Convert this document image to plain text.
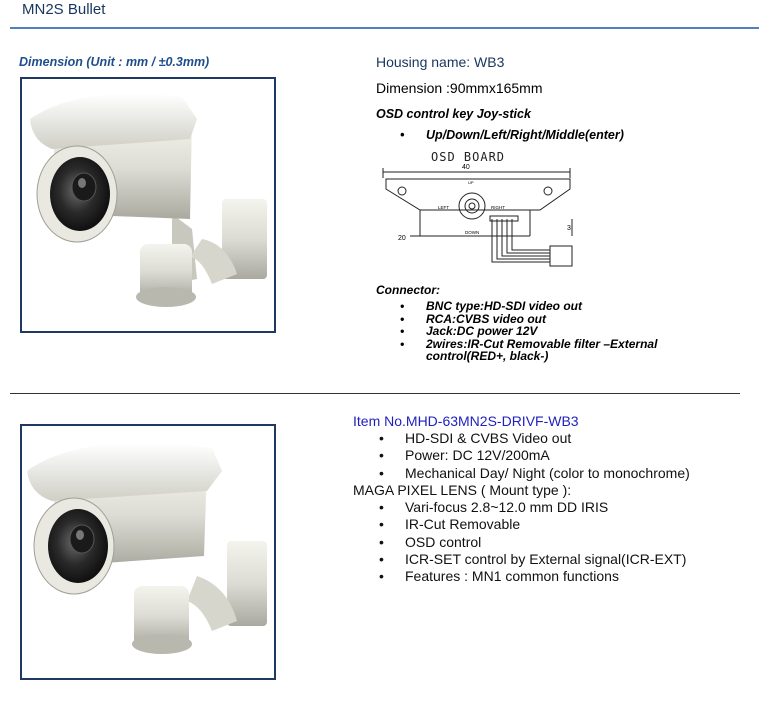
MN2S Bullet
Dimension (Unit : mm / ±0.3mm)	Housing name: WB3
Dimension :90mmx165mm
OSD control key Joy-stick
• Up/Down/Left/Right/Middle(enter)
OSD BOARD
40
UP
LEFT	RIGHT
DOWN
20
3
Connector:
•	BNC type:HD-SDI video out
•	RCA:CVBS video out
•	Jack:DC power 12V
•	2wires:IR-Cut Removable filter –External control(RED+, black-)
Item No.MHD-63MN2S-DRIVF-WB3
•	HD-SDI & CVBS Video out
•	Power: DC 12V/200mA
•	Mechanical Day/ Night (color to monochrome)
MAGA PIXEL LENS ( Mount type ):
•	Vari-focus 2.8~12.0 mm DD IRIS
•	IR-Cut Removable
•	OSD control
•	ICR-SET control by External signal(ICR-EXT)
•	Features : MN1 common functions
